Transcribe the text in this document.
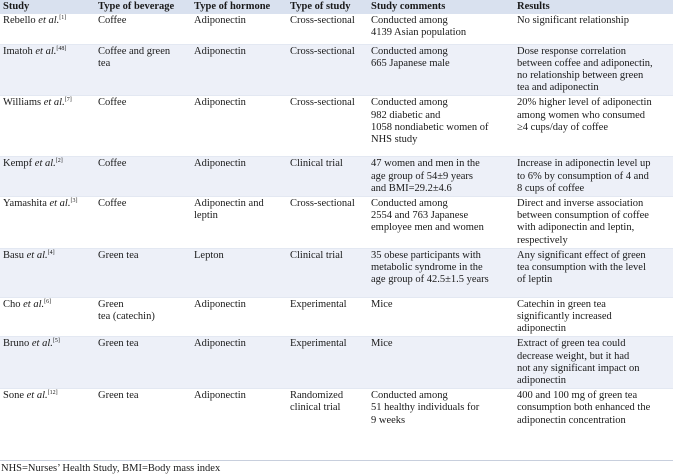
Study	Type of beverage	Type of hormone	Type of study	Study comments	Results
Rebello et al.[1]	Coffee	Adiponectin	Cross-sectional	Conducted among
4139 Asian population	No significant relationship
Imatoh et al.[48]	Coffee and green
tea	Adiponectin	Cross-sectional	Conducted among
665 Japanese male	Dose response correlation
between coffee and adiponectin,
no relationship between green
tea and adiponectin
Williams et al.[7]	Coffee	Adiponectin	Cross-sectional	Conducted among
982 diabetic and
1058 nondiabetic women of
NHS study	20% higher level of adiponectin
among women who consumed
≥4 cups/day of coffee
Kempf et al.[2]	Coffee	Adiponectin	Clinical trial	47 women and men in the
age group of 54±9 years
and BMI=29.2±4.6	Increase in adiponectin level up
to 6% by consumption of 4 and
8 cups of coffee
Yamashita et al.[3]	Coffee	Adiponectin and
leptin	Cross-sectional	Conducted among
2554 and 763 Japanese
employee men and women	Direct and inverse association
between consumption of coffee
with adiponectin and leptin,
respectively
Basu et al.[4]	Green tea	Lepton	Clinical trial	35 obese participants with
metabolic syndrome in the
age group of 42.5±1.5 years	Any significant effect of green
tea consumption with the level
of leptin
Cho et al.[6]	Green
tea (catechin)	Adiponectin	Experimental	Mice	Catechin in green tea
significantly increased
adiponectin
Bruno et al.[5]	Green tea	Adiponectin	Experimental	Mice	Extract of green tea could
decrease weight, but it had
not any significant impact on
adiponectin
Sone et al.[12]	Green tea	Adiponectin	Randomized
clinical trial	Conducted among
51 healthy individuals for
9 weeks	400 and 100 mg of green tea
consumption both enhanced the
adiponectin concentration
NHS=Nurses’ Health Study, BMI=Body mass index
